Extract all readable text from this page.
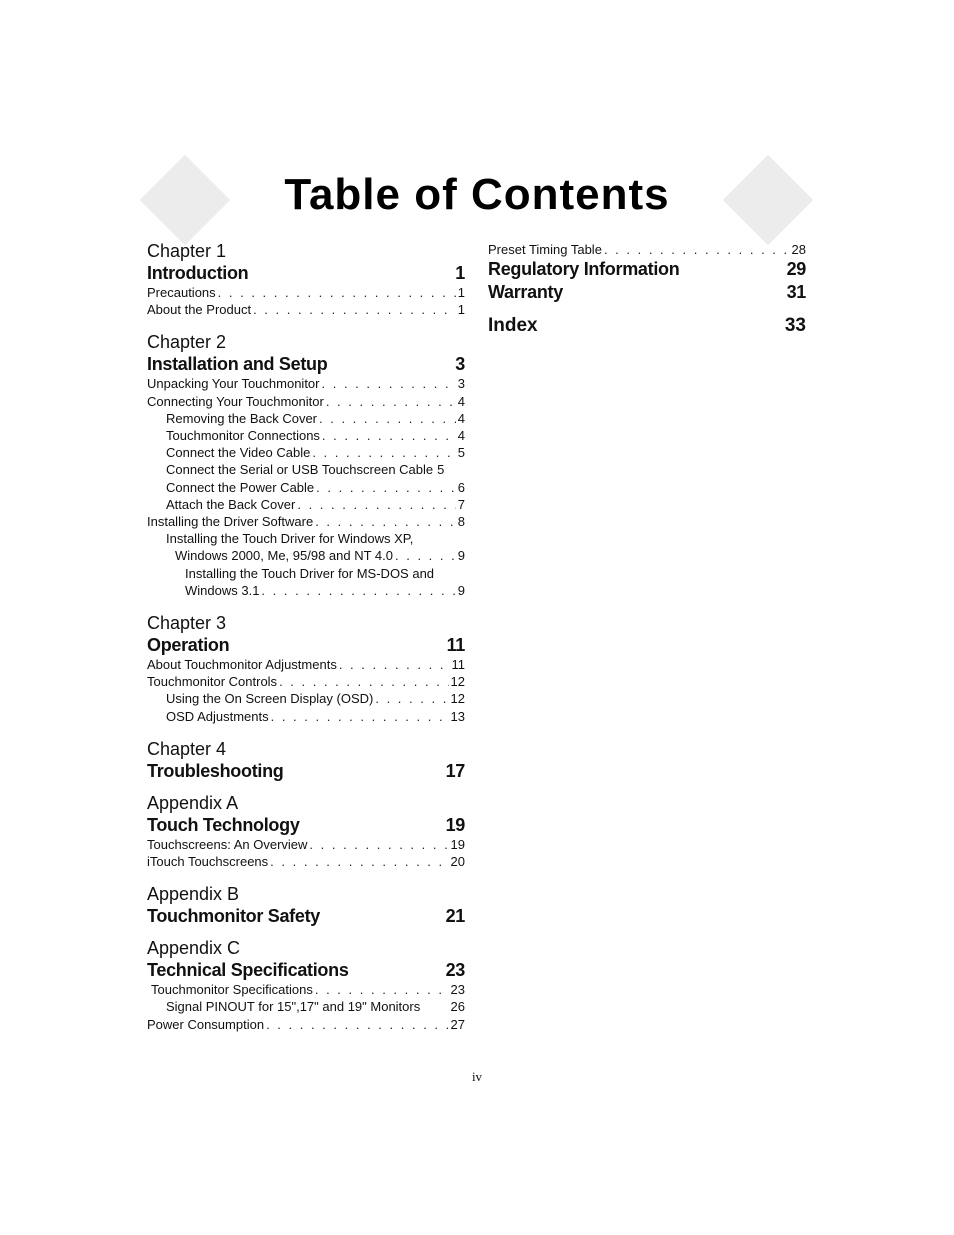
Table of Contents
Chapter 1
Introduction	1
Precautions . . .	1
About the Product . . .	1
Chapter 2
Installation and Setup	3
Unpacking Your Touchmonitor . . .	3
Connecting Your Touchmonitor . . .	4
Removing the Back Cover . . .	4
Touchmonitor Connections . . .	4
Connect the Video Cable . . .	5
Connect the Serial or USB Touchscreen Cable 5
Connect the Power Cable . . .	6
Attach the Back Cover . . .	7
Installing the Driver Software . . .	8
Installing the Touch Driver for Windows XP,
Windows 2000, Me, 95/98 and NT 4.0 . . .	9
Installing the Touch Driver for MS-DOS and
Windows 3.1 . . .	9
Chapter 3
Operation	11
About Touchmonitor Adjustments . . .	11
Touchmonitor Controls . . .	12
Using the On Screen Display (OSD) . . .	12
OSD Adjustments . . .	13
Chapter 4
Troubleshooting	17
Appendix A
Touch Technology	19
Touchscreens: An Overview . . .	19
iTouch Touchscreens . . .	20
Appendix B
Touchmonitor Safety	21
Appendix C
Technical Specifications	23
Touchmonitor Specifications . . .	23
Signal PINOUT for 15",17" and 19" Monitors 26
Power Consumption . . .	27
Preset Timing Table . . .	28
Regulatory Information	29
Warranty	31
Index	33
iv
